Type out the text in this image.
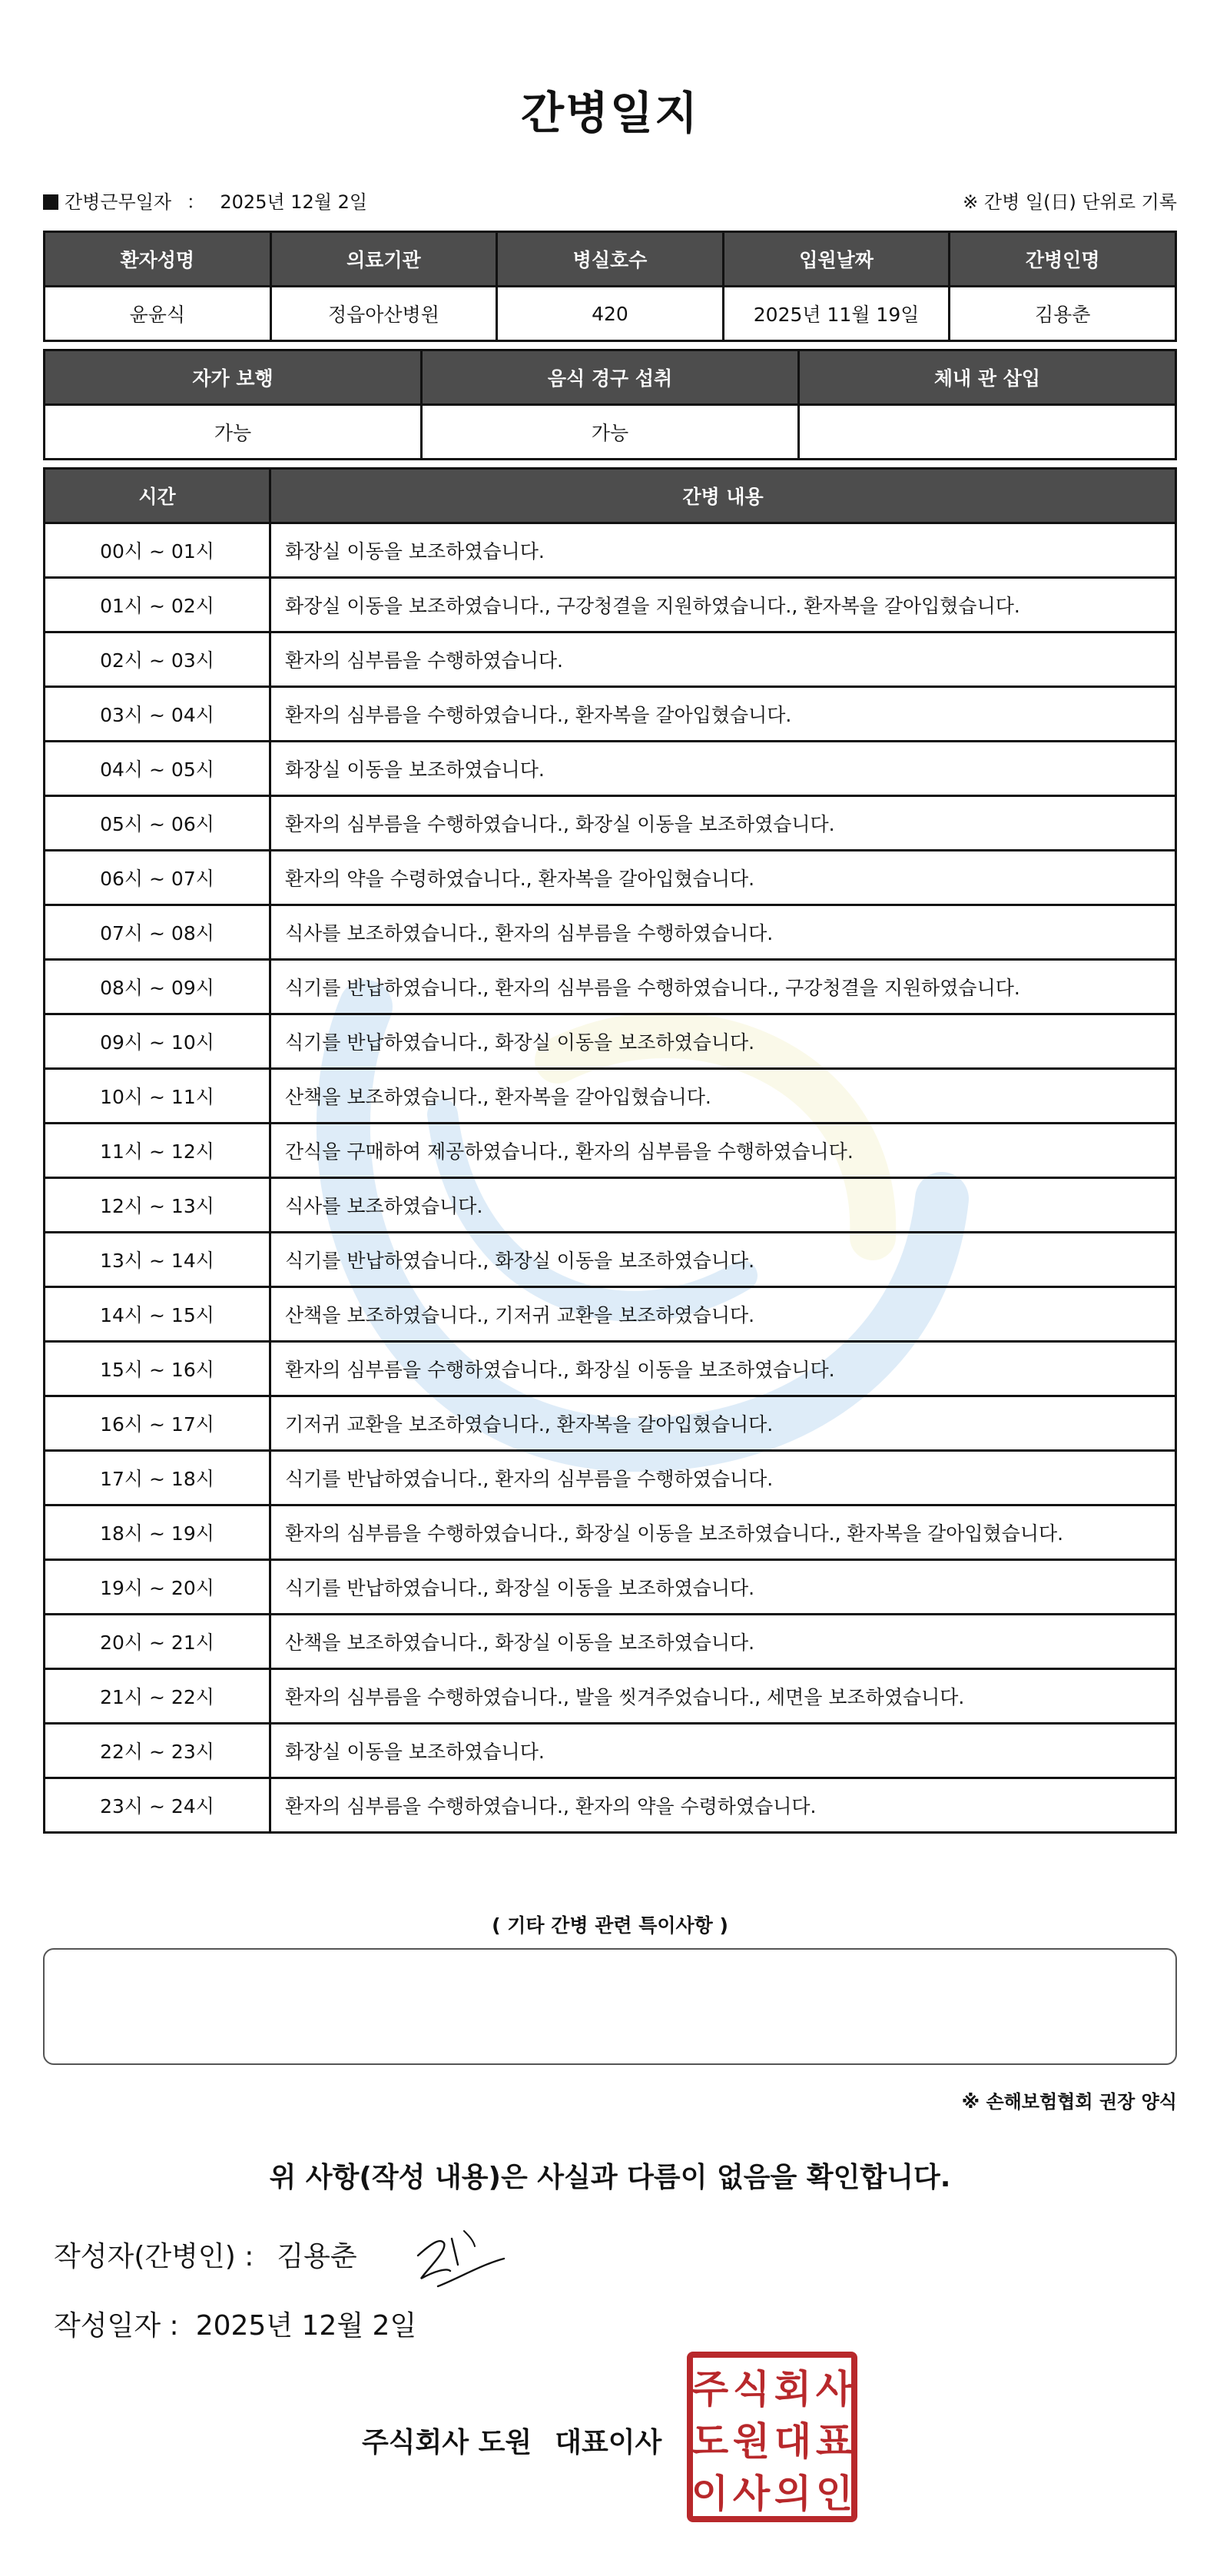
간병일지
간병근무일자 ： 2025년 12월 2일	※ 간병 일(日) 단위로 기록
환자성명	의료기관	병실호수	입원날짜	간병인명
윤윤식	정읍아산병원	420	2025년 11월 19일	김용춘
자가 보행	음식 경구 섭취	체내 관 삽입
가능	가능	
시간	간병 내용
00시 ~ 01시	화장실 이동을 보조하였습니다.
01시 ~ 02시	화장실 이동을 보조하였습니다., 구강청결을 지원하였습니다., 환자복을 갈아입혔습니다.
02시 ~ 03시	환자의 심부름을 수행하였습니다.
03시 ~ 04시	환자의 심부름을 수행하였습니다., 환자복을 갈아입혔습니다.
04시 ~ 05시	화장실 이동을 보조하였습니다.
05시 ~ 06시	환자의 심부름을 수행하였습니다., 화장실 이동을 보조하였습니다.
06시 ~ 07시	환자의 약을 수령하였습니다., 환자복을 갈아입혔습니다.
07시 ~ 08시	식사를 보조하였습니다., 환자의 심부름을 수행하였습니다.
08시 ~ 09시	식기를 반납하였습니다., 환자의 심부름을 수행하였습니다., 구강청결을 지원하였습니다.
09시 ~ 10시	식기를 반납하였습니다., 화장실 이동을 보조하였습니다.
10시 ~ 11시	산책을 보조하였습니다., 환자복을 갈아입혔습니다.
11시 ~ 12시	간식을 구매하여 제공하였습니다., 환자의 심부름을 수행하였습니다.
12시 ~ 13시	식사를 보조하였습니다.
13시 ~ 14시	식기를 반납하였습니다., 화장실 이동을 보조하였습니다.
14시 ~ 15시	산책을 보조하였습니다., 기저귀 교환을 보조하였습니다.
15시 ~ 16시	환자의 심부름을 수행하였습니다., 화장실 이동을 보조하였습니다.
16시 ~ 17시	기저귀 교환을 보조하였습니다., 환자복을 갈아입혔습니다.
17시 ~ 18시	식기를 반납하였습니다., 환자의 심부름을 수행하였습니다.
18시 ~ 19시	환자의 심부름을 수행하였습니다., 화장실 이동을 보조하였습니다., 환자복을 갈아입혔습니다.
19시 ~ 20시	식기를 반납하였습니다., 화장실 이동을 보조하였습니다.
20시 ~ 21시	산책을 보조하였습니다., 화장실 이동을 보조하였습니다.
21시 ~ 22시	환자의 심부름을 수행하였습니다., 발을 씻겨주었습니다., 세면을 보조하였습니다.
22시 ~ 23시	화장실 이동을 보조하였습니다.
23시 ~ 24시	환자의 심부름을 수행하였습니다., 환자의 약을 수령하였습니다.
( 기타 간병 관련 특이사항 )
※ 손해보험협회 권장 양식
위 사항(작성 내용)은 사실과 다름이 없음을 확인합니다.
작성자(간병인) : 김용춘
작성일자 : 2025년 12월 2일
주식회사 도원 대표이사
주 식 회 사
도 원 대 표
이 사 의 인
